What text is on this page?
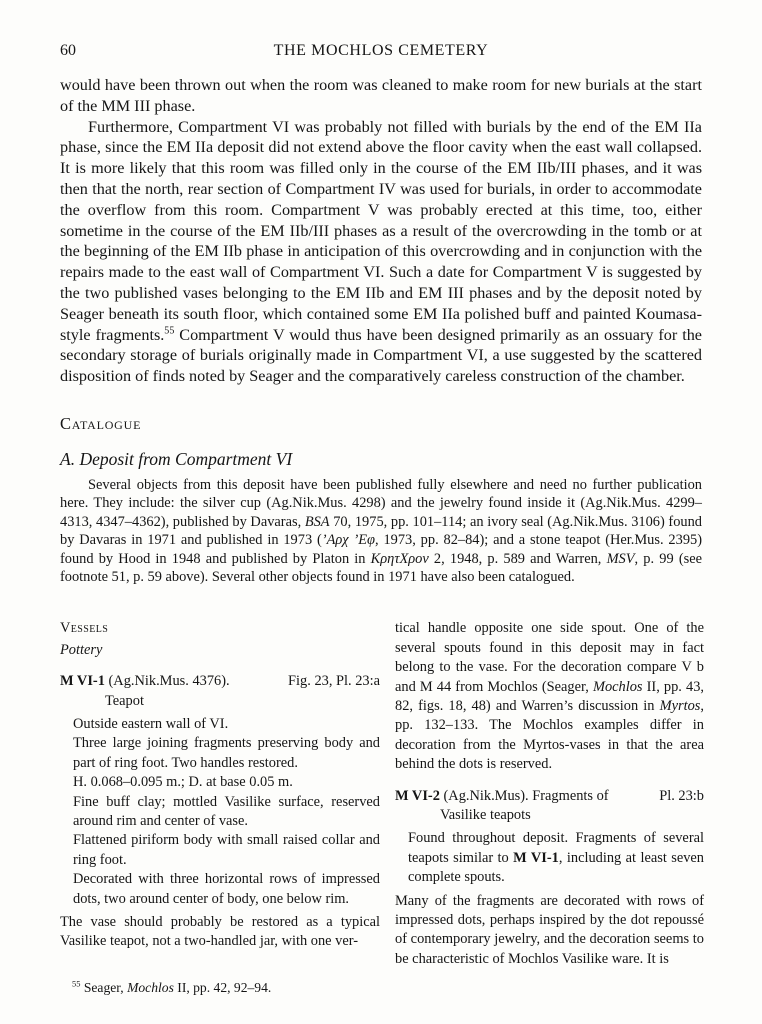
60	THE MOCHLOS CEMETERY

would have been thrown out when the room was cleaned to make room for new burials at the start of the MM III phase.

Furthermore, Compartment VI was probably not filled with burials by the end of the EM IIa phase, since the EM IIa deposit did not extend above the floor cavity when the east wall collapsed. It is more likely that this room was filled only in the course of the EM IIb/III phases, and it was then that the north, rear section of Compartment IV was used for burials, in order to accommodate the overflow from this room. Compartment V was probably erected at this time, too, either sometime in the course of the EM IIb/III phases as a result of the overcrowding in the tomb or at the beginning of the EM IIb phase in anticipation of this overcrowding and in conjunction with the repairs made to the east wall of Compartment VI. Such a date for Compartment V is suggested by the two published vases belonging to the EM IIb and EM III phases and by the deposit noted by Seager beneath its south floor, which contained some EM IIa polished buff and painted Koumasa-style fragments.$^{55}$ Compartment V would thus have been designed primarily as an ossuary for the secondary storage of burials originally made in Compartment VI, a use suggested by the scattered disposition of finds noted by Seager and the comparatively careless construction of the chamber.

Catalogue
A. Deposit from Compartment VI

Several objects from this deposit have been published fully elsewhere and need no further publication here. They include: the silver cup (Ag.Nik.Mus. 4298) and the jewelry found inside it (Ag.Nik.Mus. 4299–4313, 4347–4362), published by Davaras, BSA 70, 1975, pp. 101–114; an ivory seal (Ag.Nik.Mus. 3106) found by Davaras in 1971 and published in 1973 (’Αρχ ’Εφ, 1973, pp. 82–84); and a stone teapot (Her.Mus. 2395) found by Hood in 1948 and published by Platon in ΚρητΧρον 2, 1948, p. 589 and Warren, MSV, p. 99 (see footnote 51, p. 59 above). Several other objects found in 1971 have also been catalogued.

Vessels
Pottery
M VI-1 (Ag.Nik.Mus. 4376).	Fig. 23, Pl. 23:a
Teapot

Outside eastern wall of VI.

Three large joining fragments preserving body and part of ring foot. Two handles restored.

H. 0.068–0.095 m.; D. at base 0.05 m.

Fine buff clay; mottled Vasilike surface, reserved around rim and center of vase.

Flattened piriform body with small raised collar and ring foot.

Decorated with three horizontal rows of impressed dots, two around center of body, one below rim.

The vase should probably be restored as a typical Vasilike teapot, not a two-handled jar, with one ver-

$^{55}$ Seager, Mochlos II, pp. 42, 92–94.

tical handle opposite one side spout. One of the several spouts found in this deposit may in fact belong to the vase. For the decoration compare V b and M 44 from Mochlos (Seager, Mochlos II, pp. 43, 82, figs. 18, 48) and Warren’s discussion in Myrtos, pp. 132–133. The Mochlos examples differ in decoration from the Myrtos-vases in that the area behind the dots is reserved.

M VI-2 (Ag.Nik.Mus). Fragments of	Pl. 23:b
Vasilike teapots

Found throughout deposit. Fragments of several teapots similar to M VI-1, including at least seven complete spouts.

Many of the fragments are decorated with rows of impressed dots, perhaps inspired by the dot repoussé of contemporary jewelry, and the decoration seems to be characteristic of Mochlos Vasilike ware. It is
